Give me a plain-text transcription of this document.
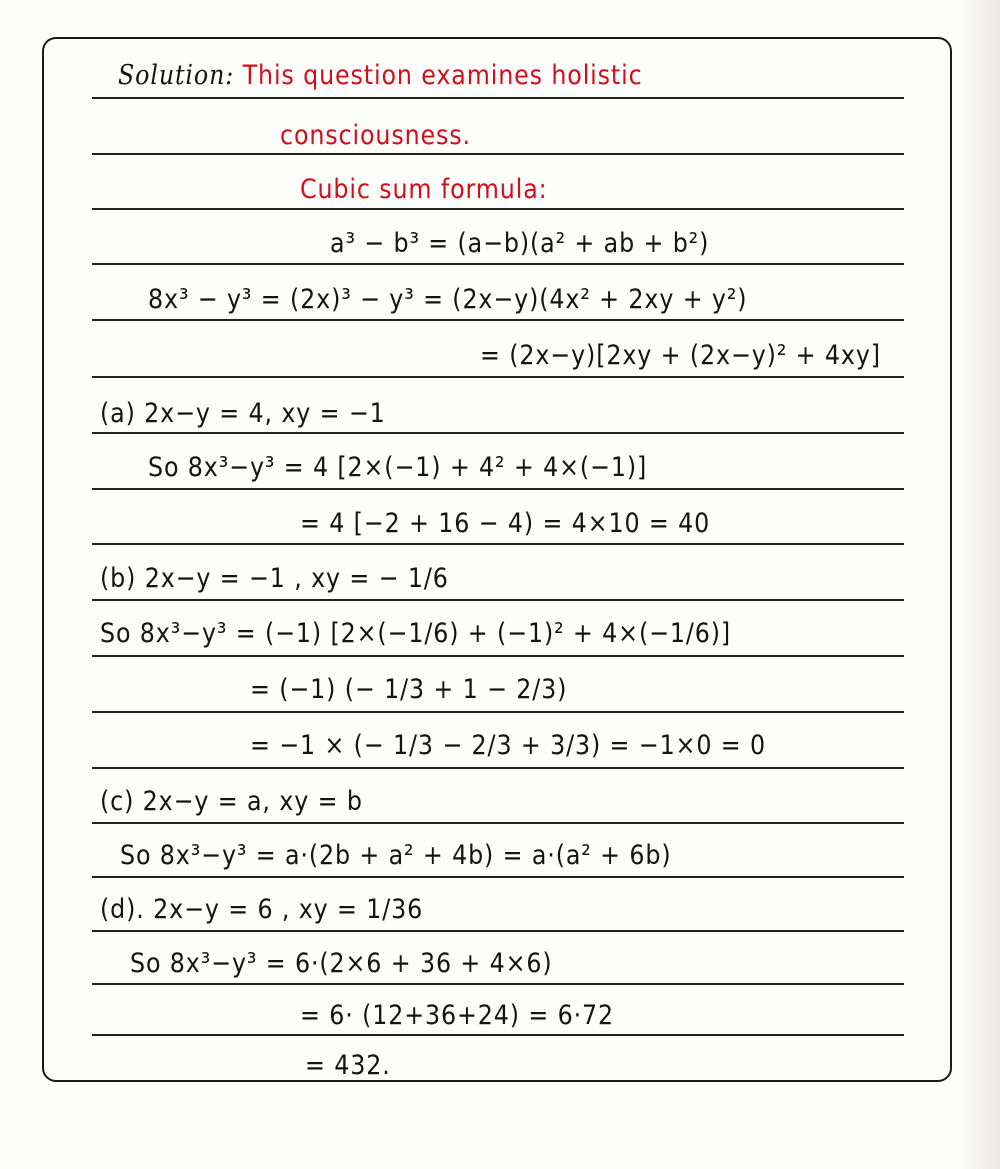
Solution: This question examines holistic
consciousness.
Cubic sum formula:
a³ − b³ = (a−b)(a² + ab + b²)
8x³ − y³ = (2x)³ − y³ = (2x−y)(4x² + 2xy + y²)
= (2x−y)[2xy + (2x−y)² + 4xy]
(a) 2x−y = 4, xy = −1
So 8x³−y³ = 4 [2×(−1) + 4² + 4×(−1)]
= 4 [−2 + 16 − 4) = 4×10 = 40
(b) 2x−y = −1 , xy = − 1/6
So 8x³−y³ = (−1) [2×(−1/6) + (−1)² + 4×(−1/6)]
= (−1) (− 1/3 + 1 − 2/3)
= −1 × (− 1/3 − 2/3 + 3/3) = −1×0 = 0
(c) 2x−y = a, xy = b
So 8x³−y³ = a·(2b + a² + 4b) = a·(a² + 6b)
(d). 2x−y = 6 , xy = 1/36
So 8x³−y³ = 6·(2×6 + 36 + 4×6)
= 6· (12+36+24) = 6·72
= 432.
